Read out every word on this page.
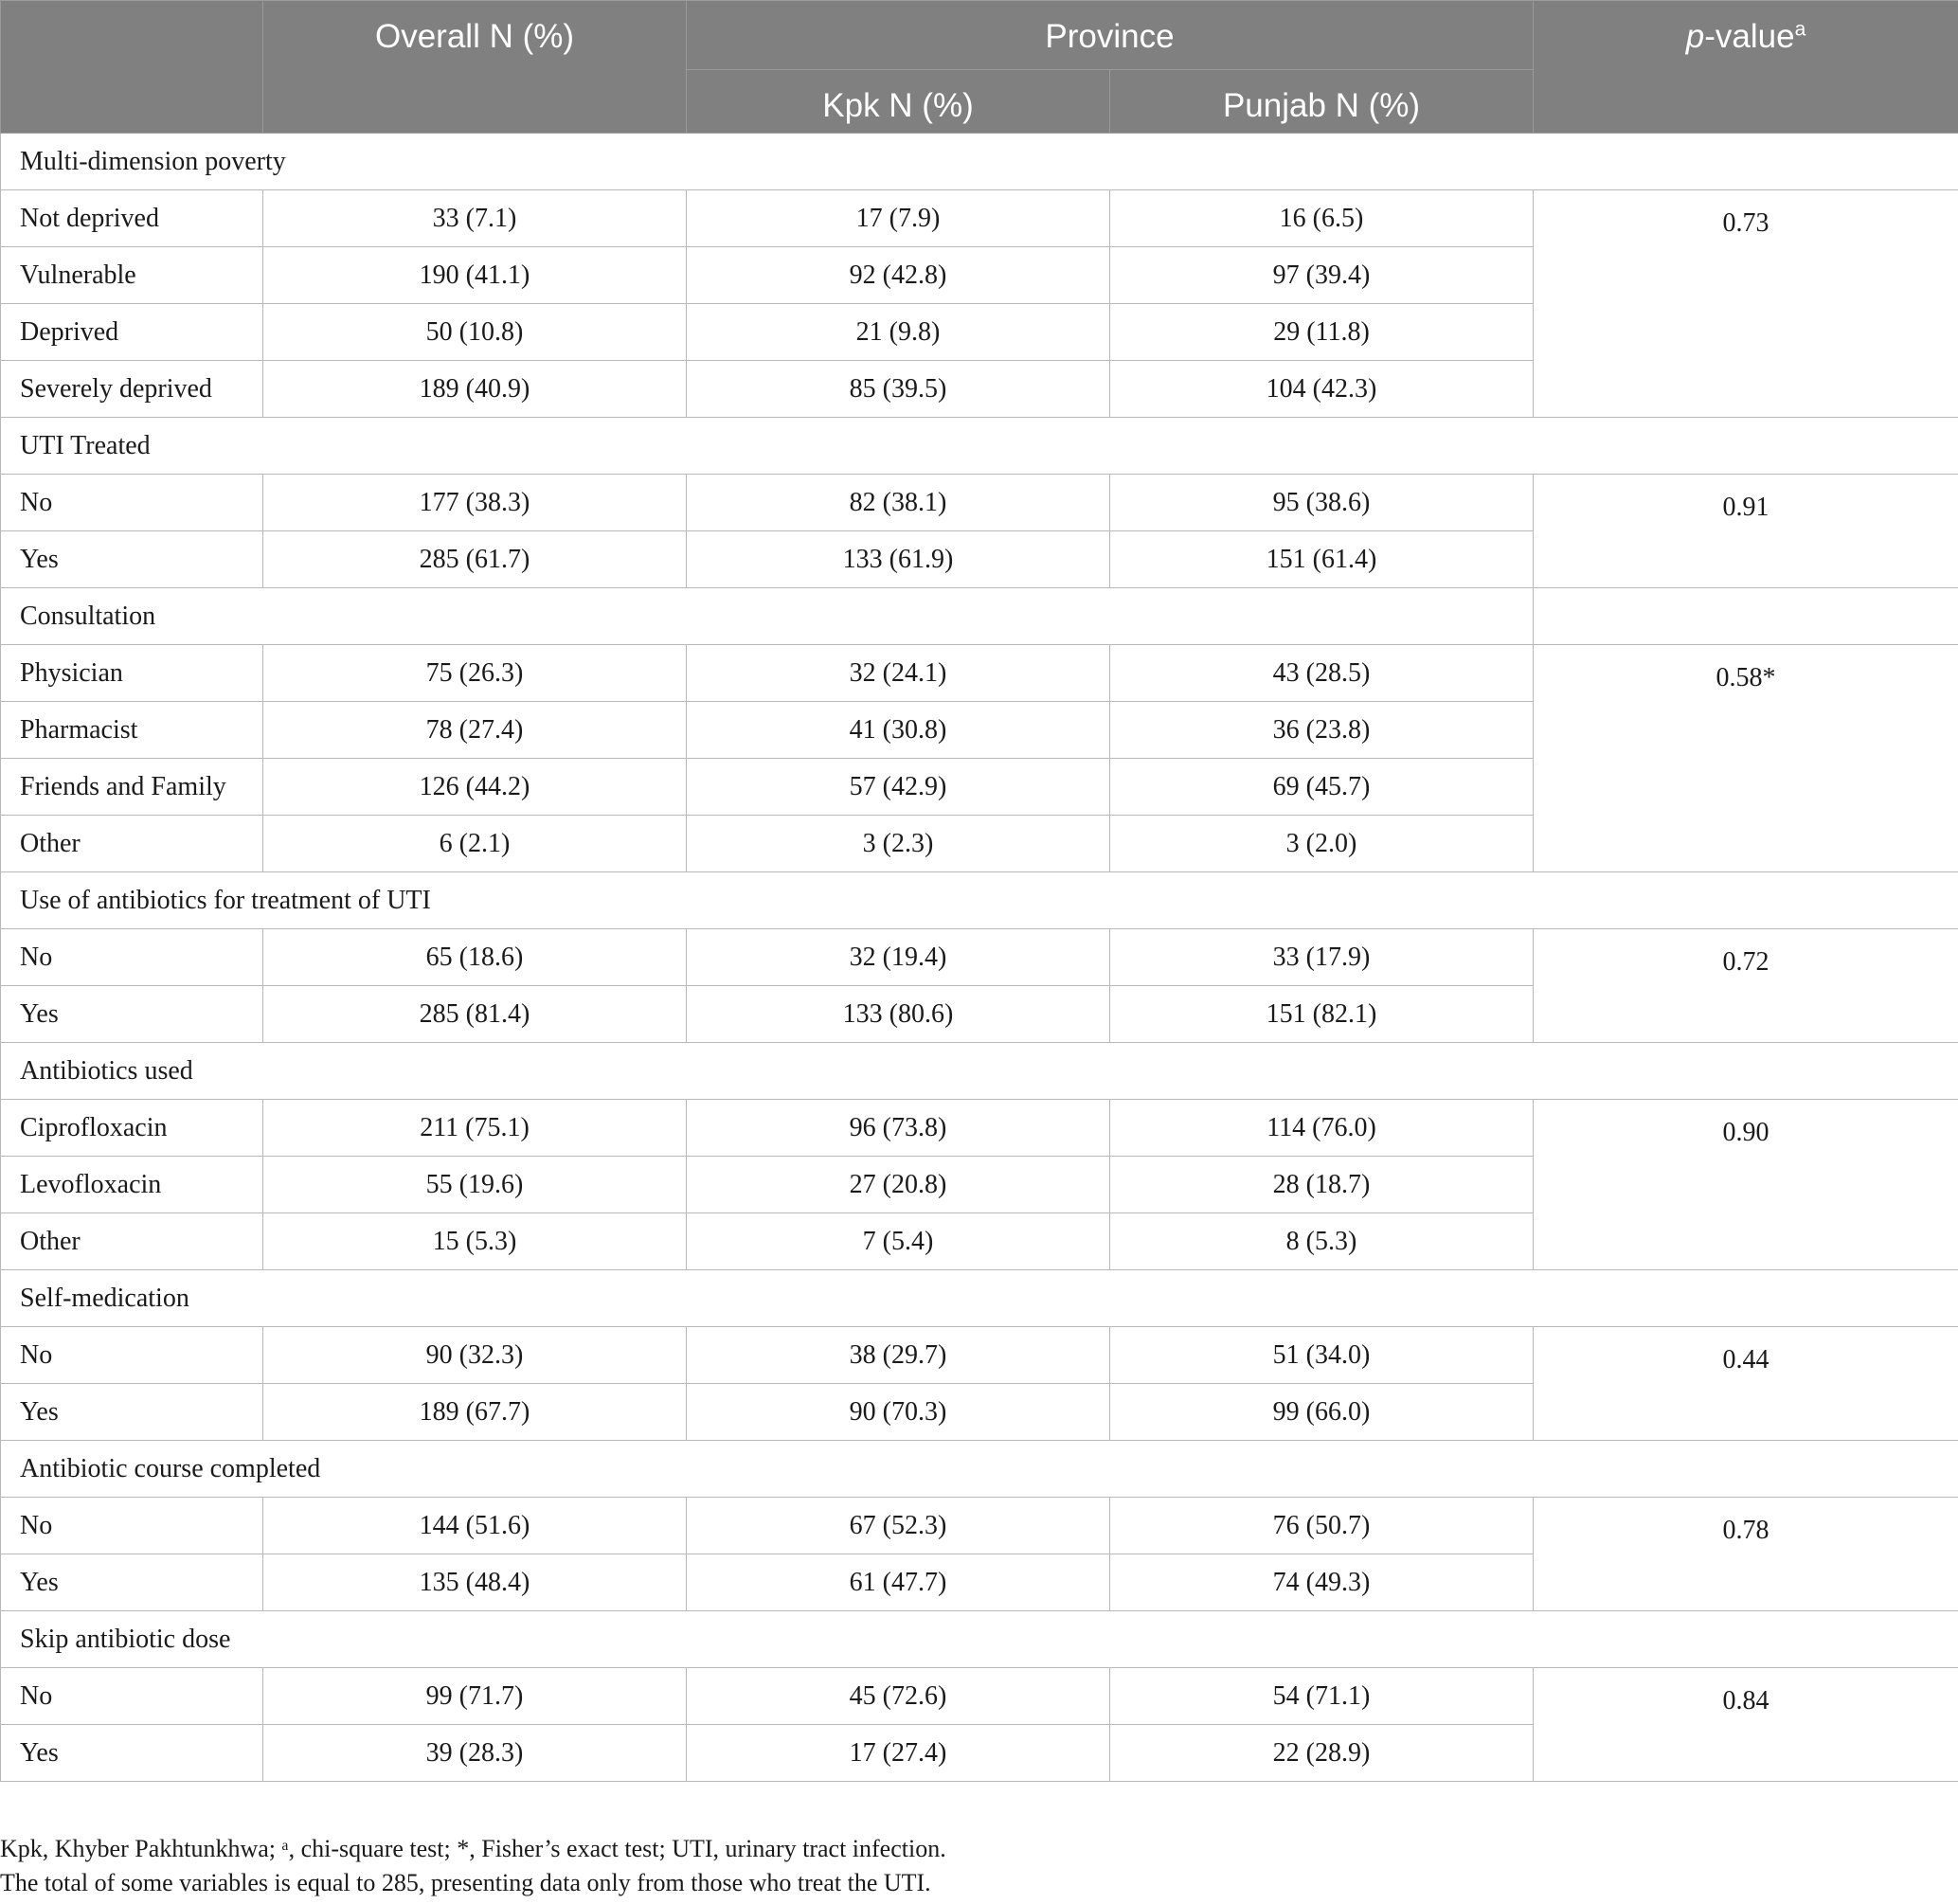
	Overall N (%)	Province		p-value$^a$
		Kpk N (%)	Punjab N (%)	
Multi-dimension poverty				
Not deprived	33 (7.1)	17 (7.9)	16 (6.5)	0.73
Vulnerable	190 (41.1)	92 (42.8)	97 (39.4)	
Deprived	50 (10.8)	21 (9.8)	29 (11.8)	
Severely deprived	189 (40.9)	85 (39.5)	104 (42.3)	
UTI Treated				
No	177 (38.3)	82 (38.1)	95 (38.6)	0.91
Yes	285 (61.7)	133 (61.9)	151 (61.4)	
Consultation				
Physician	75 (26.3)	32 (24.1)	43 (28.5)	0.58*
Pharmacist	78 (27.4)	41 (30.8)	36 (23.8)	
Friends and Family	126 (44.2)	57 (42.9)	69 (45.7)	
Other	6 (2.1)	3 (2.3)	3 (2.0)	
Use of antibiotics for treatment of UTI				
No	65 (18.6)	32 (19.4)	33 (17.9)	0.72
Yes	285 (81.4)	133 (80.6)	151 (82.1)	
Antibiotics used				
Ciprofloxacin	211 (75.1)	96 (73.8)	114 (76.0)	0.90
Levofloxacin	55 (19.6)	27 (20.8)	28 (18.7)	
Other	15 (5.3)	7 (5.4)	8 (5.3)	
Self-medication				
No	90 (32.3)	38 (29.7)	51 (34.0)	0.44
Yes	189 (67.7)	90 (70.3)	99 (66.0)	
Antibiotic course completed				
No	144 (51.6)	67 (52.3)	76 (50.7)	0.78
Yes	135 (48.4)	61 (47.7)	74 (49.3)	
Skip antibiotic dose				
No	99 (71.7)	45 (72.6)	54 (71.1)	0.84
Yes	39 (28.3)	17 (27.4)	22 (28.9)	
Kpk, Khyber Pakhtunkhwa; ᵃ, chi-square test; *, Fisher’s exact test; UTI, urinary tract infection.
The total of some variables is equal to 285, presenting data only from those who treat the UTI.
